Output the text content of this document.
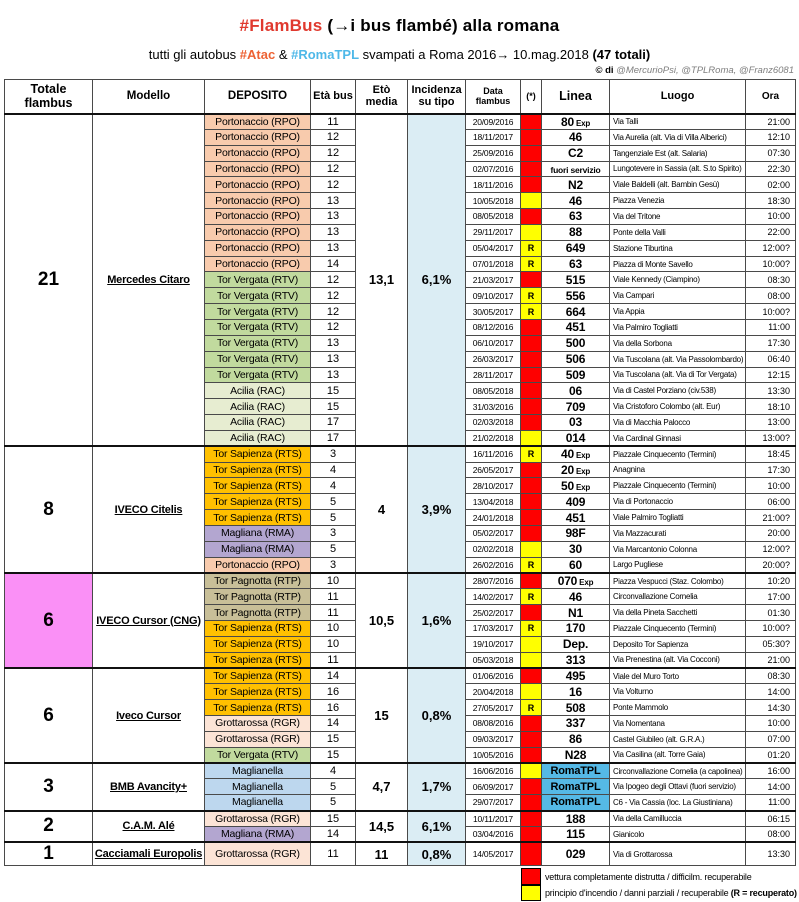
#FlamBus (→i bus flambé) alla romana
tutti gli autobus #Atac & #RomaTPL svampati a Roma 2016→ 10.mag.2018 (47 totali)
© di @MercurioPsi, @TPLRoma, @Franz6081
Totale flambus	Modello	DEPOSITO	Età bus	Etò media	Incidenza su tipo	Data flambus	(*)	Linea	Luogo	Ora
21	Mercedes Citaro	Portonaccio (RPO)	11	13,1	6,1%	20/09/2016		80 Exp	Via Talli	21:00
		Portonaccio (RPO)	12			18/11/2017		46	Via Aurelia (alt. Via di Villa Alberici)	12:10
		Portonaccio (RPO)	12			25/09/2016		C2	Tangenziale Est (alt. Salaria)	07:30
		Portonaccio (RPO)	12			02/07/2016		fuori servizio	Lungotevere in Sassia (alt. S.to Spirito)	22:30
		Portonaccio (RPO)	12			18/11/2016		N2	Viale Baldelli (alt. Bambin Gesù)	02:00
		Portonaccio (RPO)	13			10/05/2018		46	Piazza Venezia	18:30
		Portonaccio (RPO)	13			08/05/2018		63	Via del Tritone	10:00
		Portonaccio (RPO)	13			29/11/2017		88	Ponte della Valli	22:00
		Portonaccio (RPO)	13			05/04/2017	R	649	Stazione Tiburtina	12:00?
		Portonaccio (RPO)	14			07/01/2018	R	63	Piazza di Monte Savello	10:00?
		Tor Vergata (RTV)	12			21/03/2017		515	Viale Kennedy (Ciampino)	08:30
		Tor Vergata (RTV)	12			09/10/2017	R	556	Via Campari	08:00
		Tor Vergata (RTV)	12			30/05/2017	R	664	Via Appia	10:00?
		Tor Vergata (RTV)	12			08/12/2016		451	Via Palmiro Togliatti	11:00
		Tor Vergata (RTV)	13			06/10/2017		500	Via della Sorbona	17:30
		Tor Vergata (RTV)	13			26/03/2017		506	Via Tuscolana (alt. Via Passolombardo)	06:40
		Tor Vergata (RTV)	13			28/11/2017		509	Via Tuscolana (alt. Via di Tor Vergata)	12:15
		Acilia (RAC)	15			08/05/2018		06	Via di Castel Porziano (civ.538)	13:30
		Acilia (RAC)	15			31/03/2016		709	Via Cristoforo Colombo (alt. Eur)	18:10
		Acilia (RAC)	17			02/03/2018		03	Via di Macchia Palocco	13:00
		Acilia (RAC)	17			21/02/2018		014	Via Cardinal Ginnasi	13:00?
8	IVECO Citelis	Tor Sapienza (RTS)	3	4	3,9%	16/11/2016	R	40 Exp	Piazzale Cinquecento (Termini)	18:45
		Tor Sapienza (RTS)	4			26/05/2017		20 Exp	Anagnina	17:30
		Tor Sapienza (RTS)	4			28/10/2017		50 Exp	Piazzale Cinquecento (Termini)	10:00
		Tor Sapienza (RTS)	5			13/04/2018		409	Via di Portonaccio	06:00
		Tor Sapienza (RTS)	5			24/01/2018		451	Viale Palmiro Togliatti	21:00?
		Magliana (RMA)	3			05/02/2017		98F	Via Mazzacurati	20:00
		Magliana (RMA)	5			02/02/2018		30	Via Marcantonio Colonna	12:00?
		Portonaccio (RPO)	3			26/02/2016	R	60	Largo Pugliese	20:00?
6	IVECO Cursor (CNG)	Tor Pagnotta (RTP)	10	10,5	1,6%	28/07/2016		070 Exp	Piazza Vespucci (Staz. Colombo)	10:20
		Tor Pagnotta (RTP)	11			14/02/2017	R	46	Circonvallazione Cornelia	17:00
		Tor Pagnotta (RTP)	11			25/02/2017		N1	Via della Pineta Sacchetti	01:30
		Tor Sapienza (RTS)	10			17/03/2017	R	170	Piazzale Cinquecento (Termini)	10:00?
		Tor Sapienza (RTS)	10			19/10/2017		Dep.	Deposito Tor Sapienza	05:30?
		Tor Sapienza (RTS)	11			05/03/2018		313	Via Prenestina (alt. Via Cocconi)	21:00
6	Iveco Cursor	Tor Sapienza (RTS)	14	15	0,8%	01/06/2016		495	Viale del Muro Torto	08:30
		Tor Sapienza (RTS)	16			20/04/2018		16	Via Volturno	14:00
		Tor Sapienza (RTS)	16			27/05/2017	R	508	Ponte Mammolo	14:30
		Grottarossa (RGR)	14			08/08/2016		337	Via Nomentana	10:00
		Grottarossa (RGR)	15			09/03/2017		86	Castel Giubileo (alt. G.R.A.)	07:00
		Tor Vergata (RTV)	15			10/05/2016		N28	Via Casilina (alt. Torre Gaia)	01:20
3	BMB Avancity+	Maglianella	4	4,7	1,7%	16/06/2016		RomaTPL	Circonvallazione Cornelia (a capolinea)	16:00
		Maglianella	5			06/09/2017		RomaTPL	Via Ipogeo degli Ottavi (fuori servizio)	14:00
		Maglianella	5			29/07/2017		RomaTPL	C6 - Via Cassia (loc. La Giustiniana)	11:00
2	C.A.M. Alé	Grottarossa (RGR)	15	14,5	6,1%	10/11/2017		188	Via della Camilluccia	06:15
		Magliana (RMA)	14			03/04/2016		115	Gianicolo	08:00
1	Cacciamali Europolis	Grottarossa (RGR)	11	11	0,8%	14/05/2017		029	Via di Grottarossa	13:30
vettura completamente distrutta / difficilm. recuperabile
principio d'incendio / danni parziali / recuperabile (R = recuperato)
